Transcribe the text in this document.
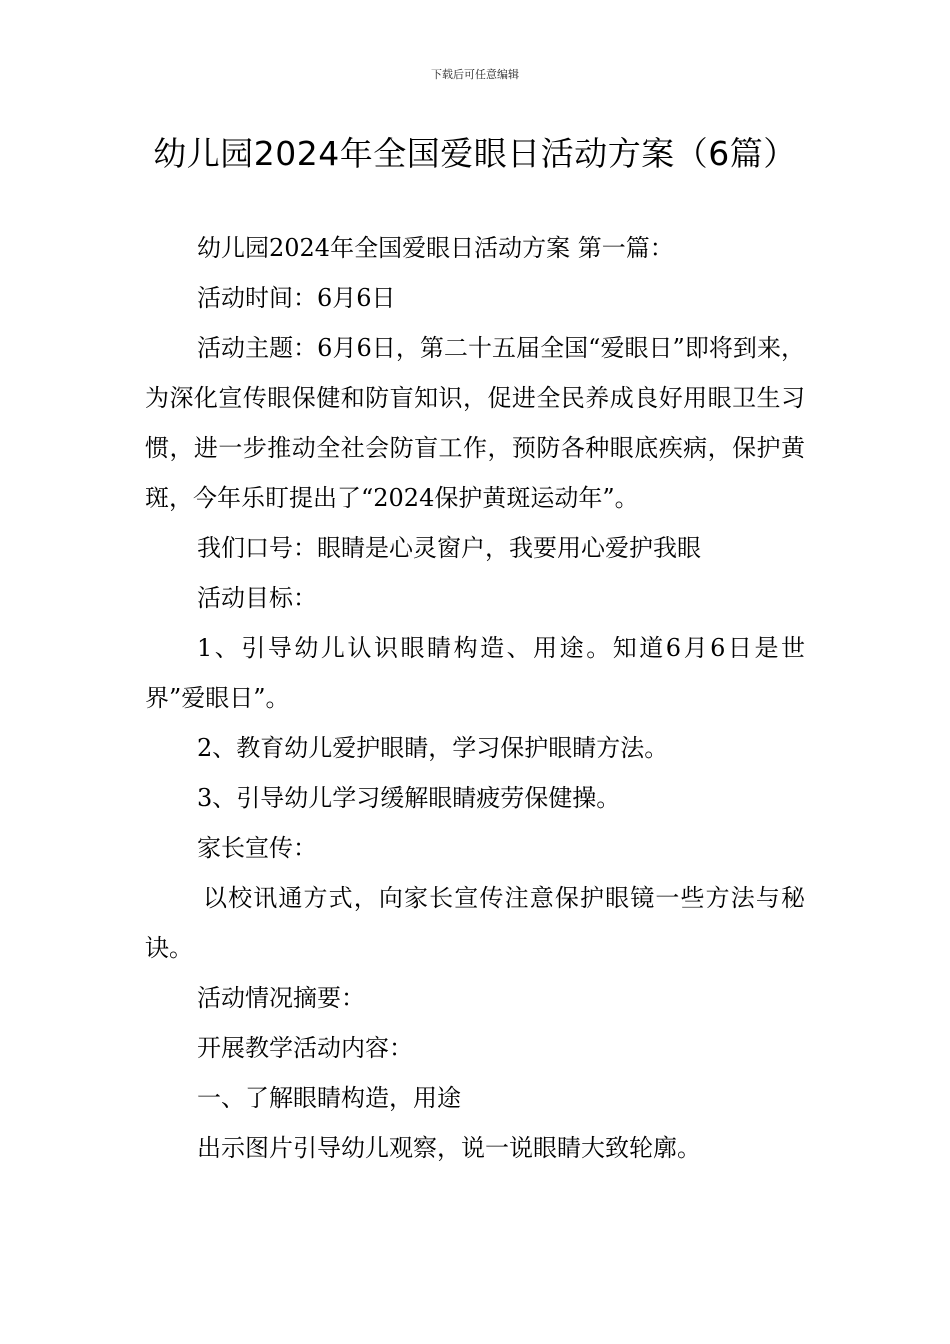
下载后可任意编辑
幼儿园2024年全国爱眼日活动方案（6篇）

幼儿园2024年全国爱眼日活动方案 第一篇：

活动时间：6月6日

活动主题：6月6日，第二十五届全国“爱眼日”即将到来，为深化宣传眼保健和防盲知识，促进全民养成良好用眼卫生习惯，进一步推动全社会防盲工作，预防各种眼底疾病，保护黄斑，今年乐盯提出了“2024保护黄斑运动年”。

我们口号：眼睛是心灵窗户，我要用心爱护我眼

活动目标：

1、引导幼儿认识眼睛构造、用途。知道6月6日是世界”爱眼日”。

2、教育幼儿爱护眼睛，学习保护眼睛方法。

3、引导幼儿学习缓解眼睛疲劳保健操。

家长宣传：

以校讯通方式，向家长宣传注意保护眼镜一些方法与秘诀。

活动情况摘要：

开展教学活动内容：

一、了解眼睛构造，用途

出示图片引导幼儿观察，说一说眼睛大致轮廓。
